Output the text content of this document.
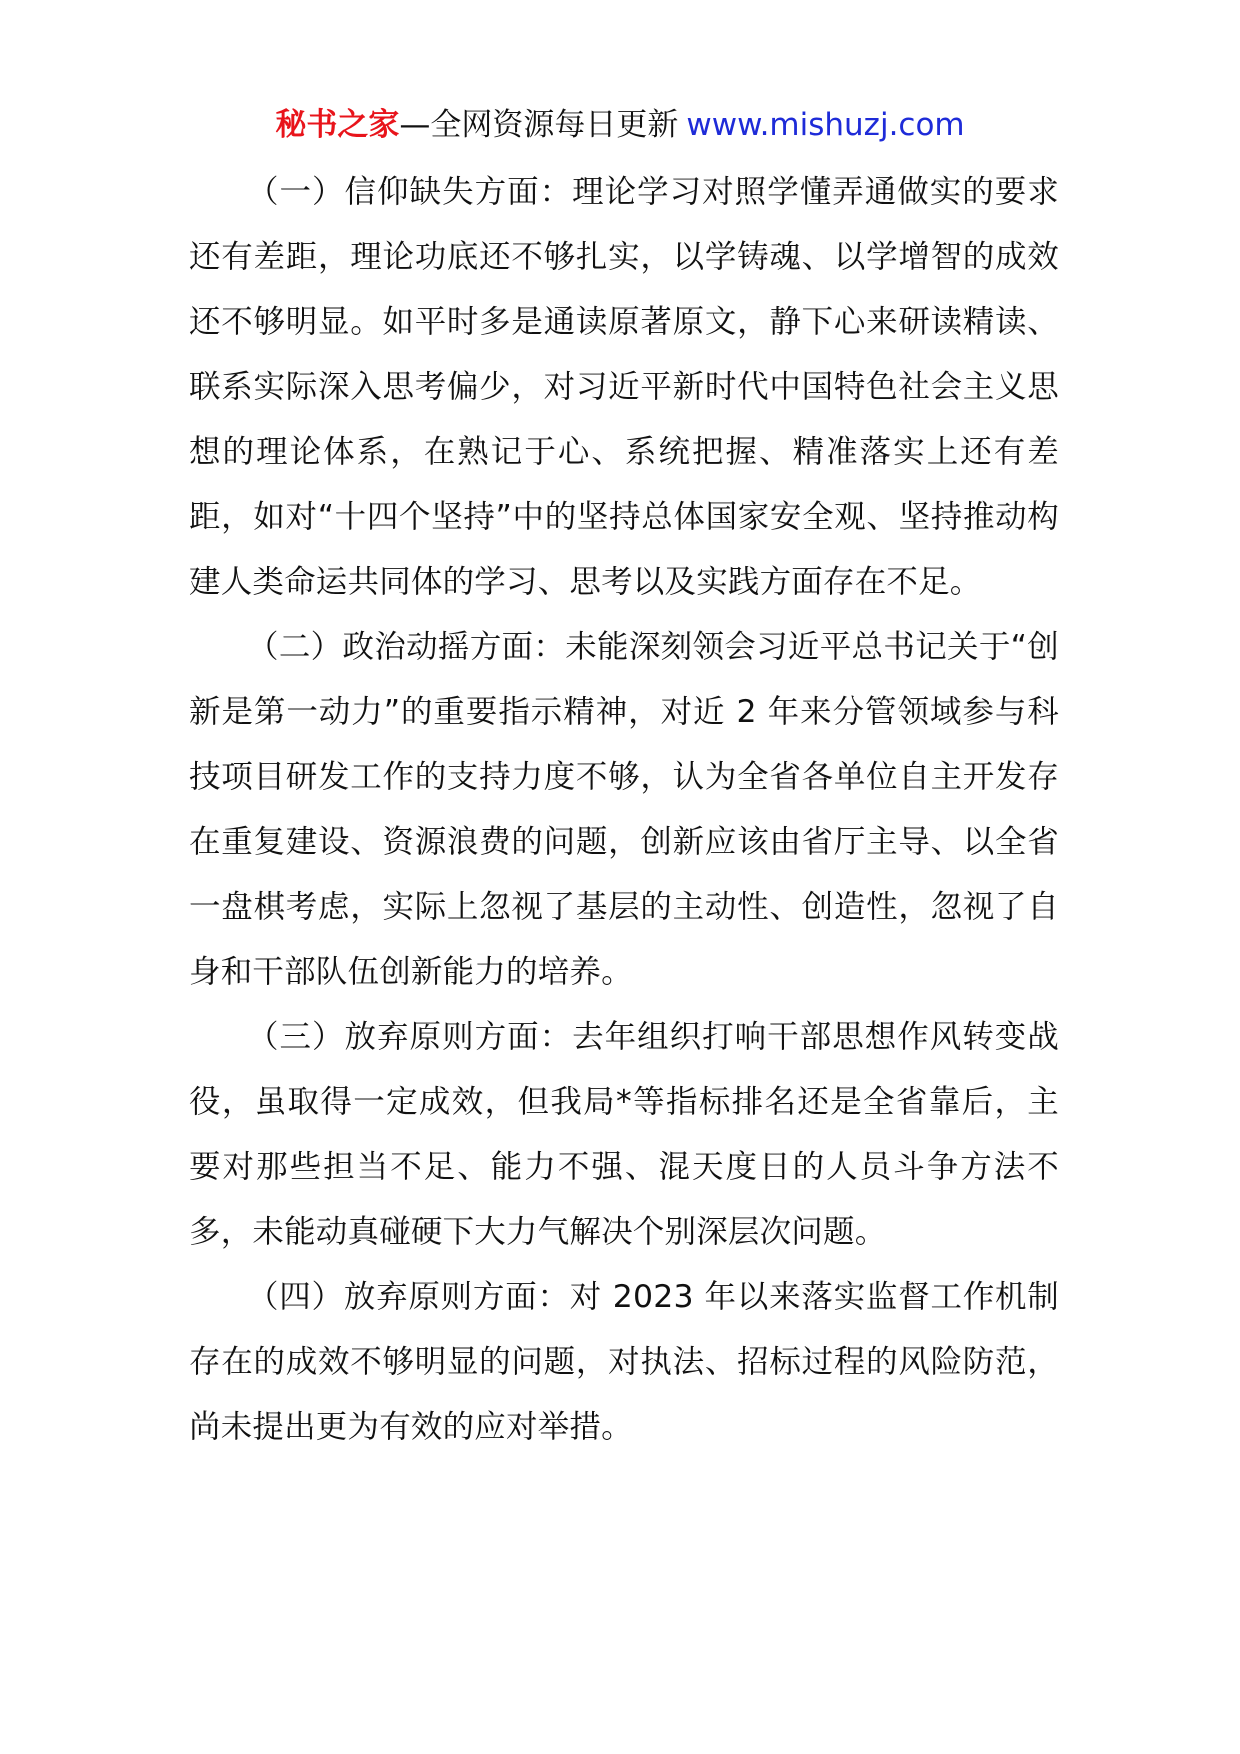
秘书之家—全网资源每日更新 www.mishuzj.com

（一）信仰缺失方面：理论学习对照学懂弄通做实的要求还有差距，理论功底还不够扎实，以学铸魂、以学增智的成效还不够明显。如平时多是通读原著原文，静下心来研读精读、联系实际深入思考偏少，对习近平新时代中国特色社会主义思想的理论体系，在熟记于心、系统把握、精准落实上还有差距，如对“十四个坚持”中的坚持总体国家安全观、坚持推动构建人类命运共同体的学习、思考以及实践方面存在不足。

（二）政治动摇方面：未能深刻领会习近平总书记关于“创新是第一动力”的重要指示精神，对近 2 年来分管领域参与科技项目研发工作的支持力度不够，认为全省各单位自主开发存在重复建设、资源浪费的问题，创新应该由省厅主导、以全省一盘棋考虑，实际上忽视了基层的主动性、创造性，忽视了自身和干部队伍创新能力的培养。

（三）放弃原则方面：去年组织打响干部思想作风转变战役，虽取得一定成效，但我局*等指标排名还是全省靠后，主要对那些担当不足、能力不强、混天度日的人员斗争方法不多，未能动真碰硬下大力气解决个别深层次问题。

（四）放弃原则方面：对 2023 年以来落实监督工作机制存在的成效不够明显的问题，对执法、招标过程的风险防范，尚未提出更为有效的应对举措。
